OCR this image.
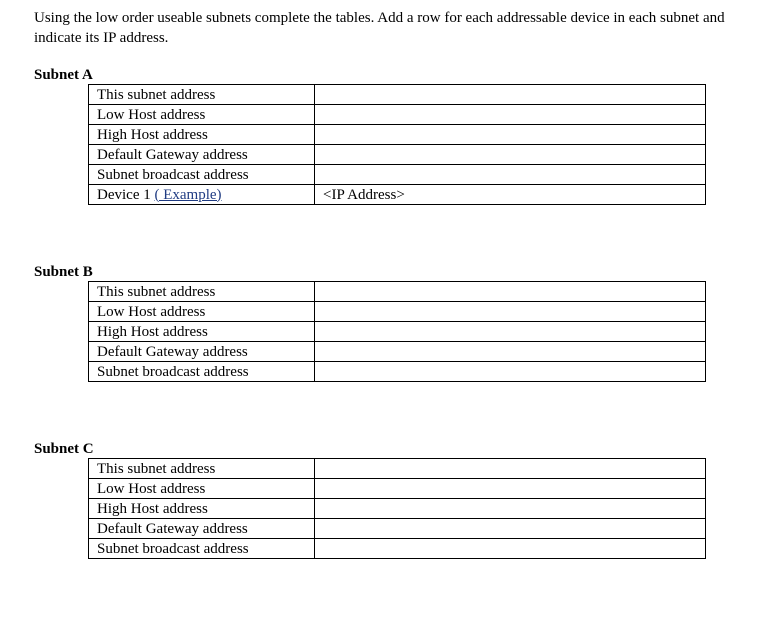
Using the low order useable subnets complete the tables. Add a row for each addressable device in each subnet and indicate its IP address.

Subnet A
This subnet address	
Low Host address	
High Host address	
Default Gateway address	
Subnet broadcast address	
Device 1 ( Example)	<IP Address>
Subnet B
This subnet address	
Low Host address	
High Host address	
Default Gateway address	
Subnet broadcast address	
Subnet C
This subnet address	
Low Host address	
High Host address	
Default Gateway address	
Subnet broadcast address	
